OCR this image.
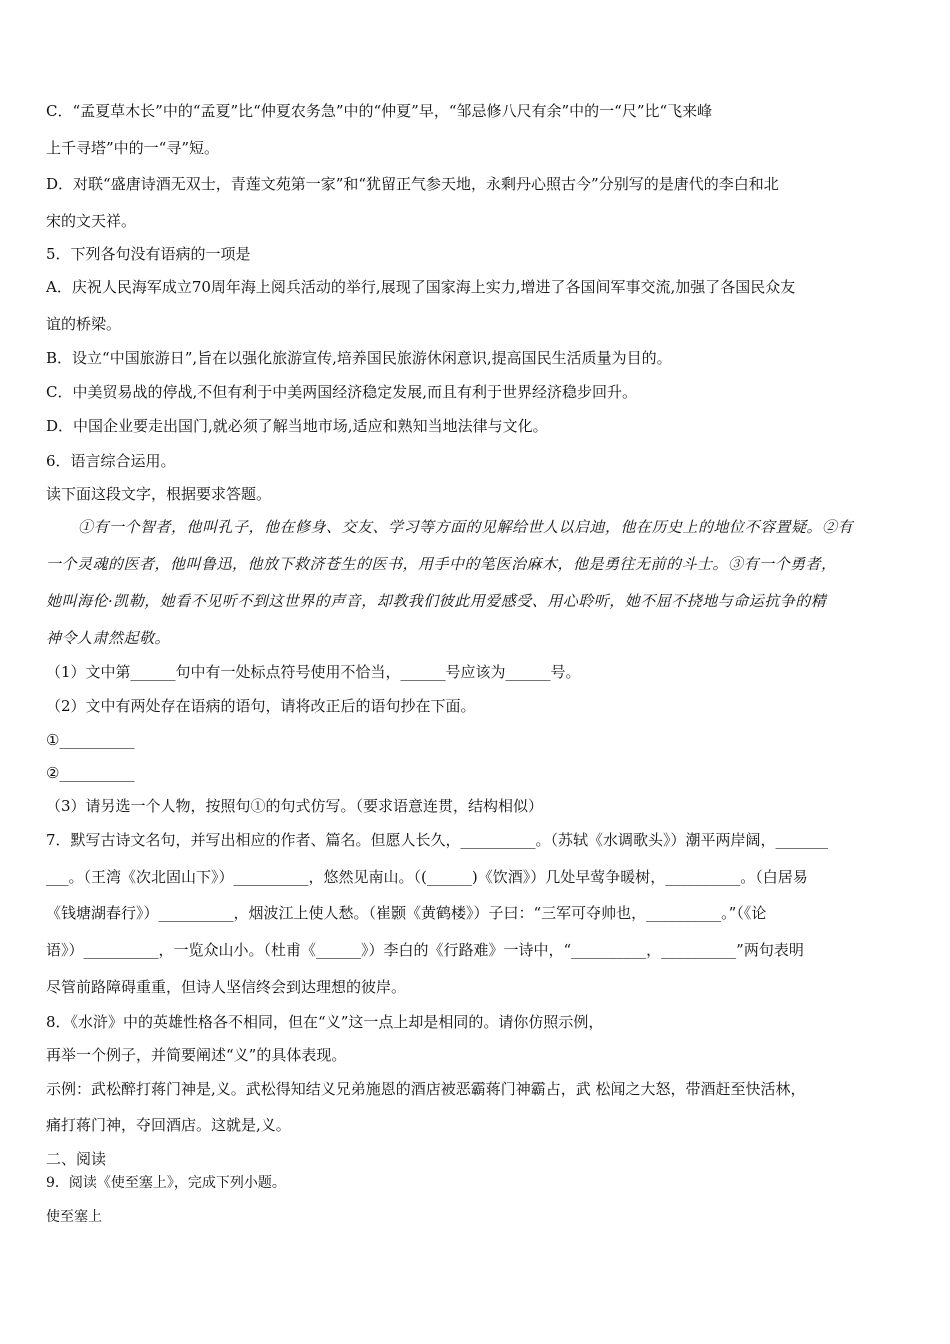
C．“孟夏草木长”中的“孟夏”比“仲夏农务急”中的“仲夏”早，“邹忌修八尺有余”中的一“尺”比“飞来峰
上千寻塔”中的一“寻”短。
D．对联“盛唐诗酒无双士，青莲文苑第一家”和“犹留正气参天地，永剩丹心照古今”分别写的是唐代的李白和北
宋的文天祥。
5．下列各句没有语病的一项是
A．庆祝人民海军成立70周年海上阅兵活动的举行,展现了国家海上实力,增进了各国间军事交流,加强了各国民众友
谊的桥梁。
B．设立“中国旅游日”,旨在以强化旅游宣传,培养国民旅游休闲意识,提高国民生活质量为目的。
C．中美贸易战的停战,不但有利于中美两国经济稳定发展,而且有利于世界经济稳步回升。
D．中国企业要走出国门,就必须了解当地市场,适应和熟知当地法律与文化。
6．语言综合运用。
读下面这段文字，根据要求答题。
①有一个智者，他叫孔子，他在修身、交友、学习等方面的见解给世人以启迪，他在历史上的地位不容置疑。②有
一个灵魂的医者，他叫鲁迅，他放下救济苍生的医书，用手中的笔医治麻木，他是勇往无前的斗士。③有一个勇者，
她叫海伦·凯勒，她看不见听不到这世界的声音，却教我们彼此用爱感受、用心聆听，她不屈不挠地与命运抗争的精
神令人肃然起敬。
（1）文中第______句中有一处标点符号使用不恰当，______号应该为______号。
（2）文中有两处存在语病的语句，请将改正后的语句抄在下面。
①__________
②__________
（3）请另选一个人物，按照句①的句式仿写。（要求语意连贯，结构相似）
7．默写古诗文名句，并写出相应的作者、篇名。但愿人长久，__________。（苏轼《水调歌头》）潮平两岸阔，_______
___。（王湾《次北固山下》）__________，悠然见南山。（(______)《饮酒》）几处早莺争暖树，__________。（白居易
《钱塘湖春行》）__________，烟波江上使人愁。（崔颢《黄鹤楼》）子曰：“三军可夺帅也，__________。”（《论
语》）__________，一览众山小。（杜甫《______》）李白的《行路难》一诗中，“__________，__________”两句表明
尽管前路障碍重重，但诗人坚信终会到达理想的彼岸。
8．《水浒》中的英雄性格各不相同，但在“义”这一点上却是相同的。请你仿照示例，
再举一个例子，并简要阐述“义”的具体表现。
示例：武松醉打蒋门神是,义。武松得知结义兄弟施恩的酒店被恶霸蒋门神霸占，武 松闻之大怒，带酒赶至快活林，
痛打蒋门神，夺回酒店。这就是,义。
二、阅读
9．阅读《使至塞上》，完成下列小题。
使至塞上
